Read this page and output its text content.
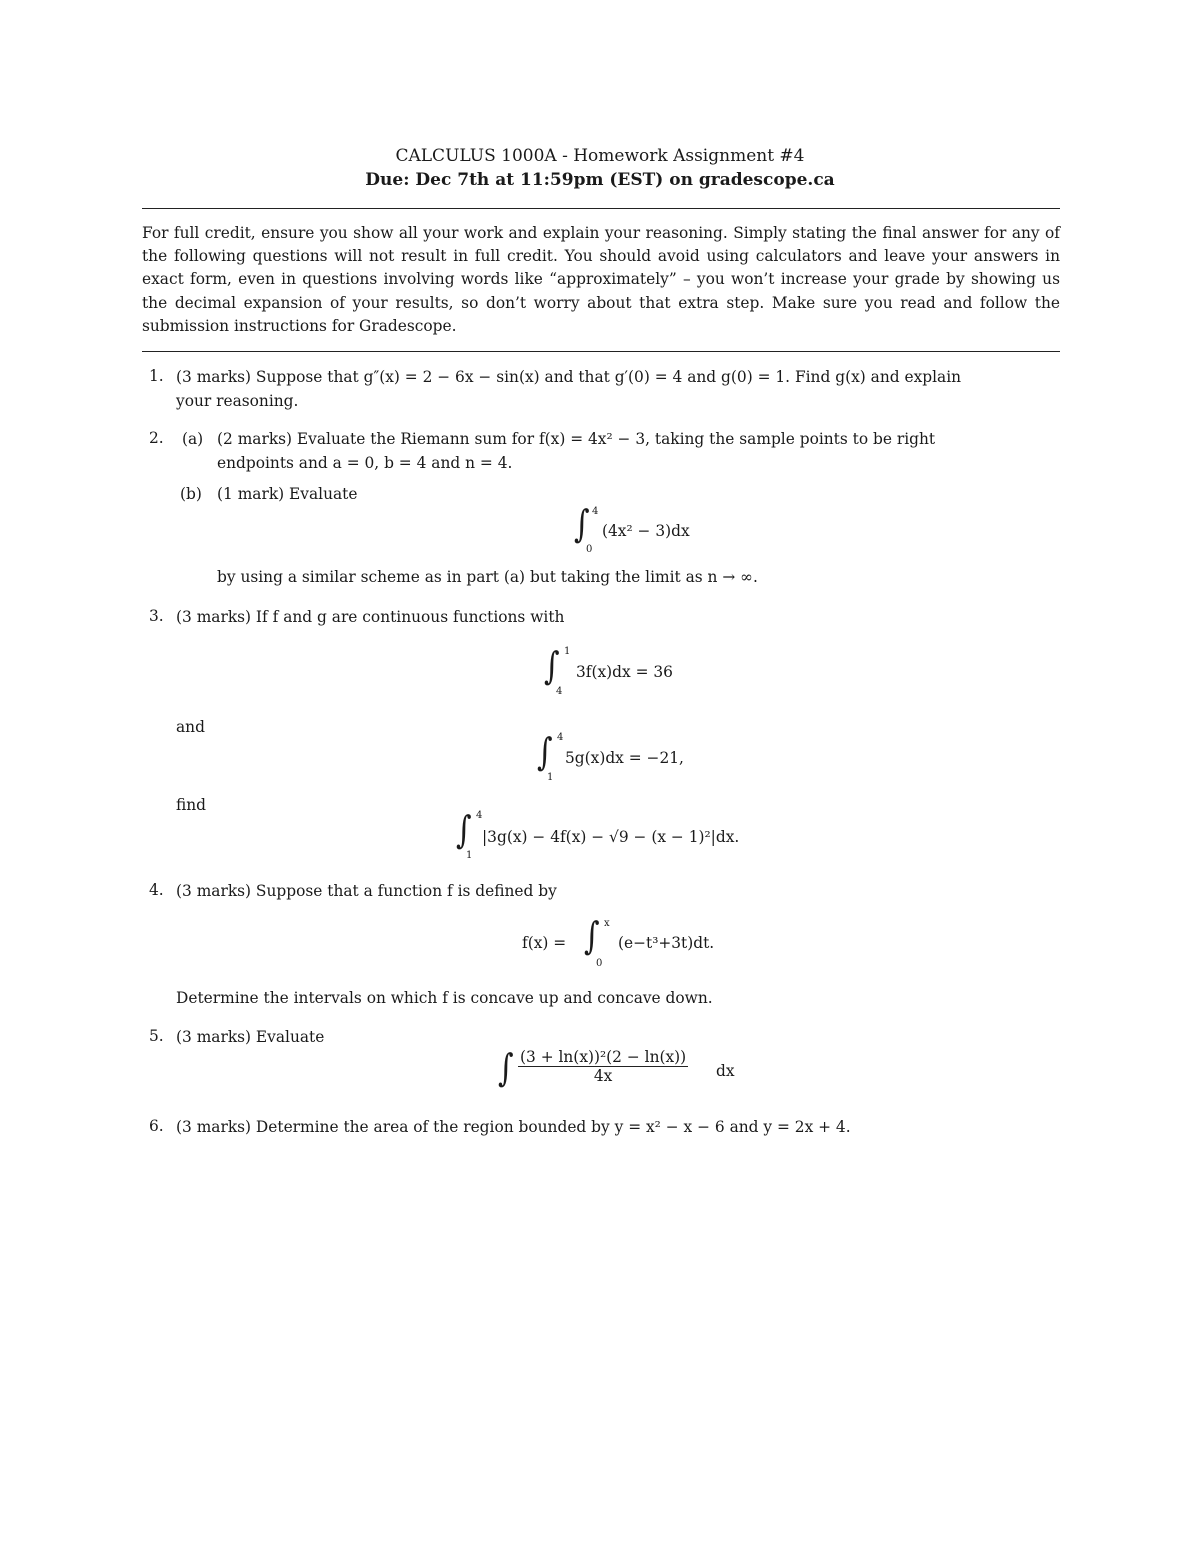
CALCULUS 1000A - Homework Assignment #4
Due: Dec 7th at 11:59pm (EST) on gradescope.ca
For full credit, ensure you show all your work and explain your reasoning. Simply stating the final answer for any of the following questions will not result in full credit. You should avoid using calculators and leave your answers in exact form, even in questions involving words like “approximately” – you won’t increase your grade by showing us the decimal expansion of your results, so don’t worry about that extra step. Make sure you read and follow the submission instructions for Gradescope.
1. (3 marks) Suppose that g″(x) = 2 − 6x − sin(x) and that g′(0) = 4 and g(0) = 1. Find g(x) and explain
your reasoning.
2. (a) (2 marks) Evaluate the Riemann sum for f(x) = 4x² − 3, taking the sample points to be right
endpoints and a = 0, b = 4 and n = 4.
(b) (1 mark) Evaluate
∫ 4
0
(4x² − 3)dx
by using a similar scheme as in part (a) but taking the limit as n → ∞.
3. (3 marks) If f and g are continuous functions with
∫ 1
4
3f(x)dx = 36
and
∫ 4
1
5g(x)dx = −21,
find
∫ 4
1
|3g(x) − 4f(x) − √9 − (x − 1)²|dx.
4. (3 marks) Suppose that a function f is defined by
f(x) = ∫ x
0
(e−t³+3t)dt.
Determine the intervals on which f is concave up and concave down.
5. (3 marks) Evaluate
∫ $\frac{\text{(3 + ln(x))²(2 − ln(x))}}{4x}$ dx
6. (3 marks) Determine the area of the region bounded by y = x² − x − 6 and y = 2x + 4.
